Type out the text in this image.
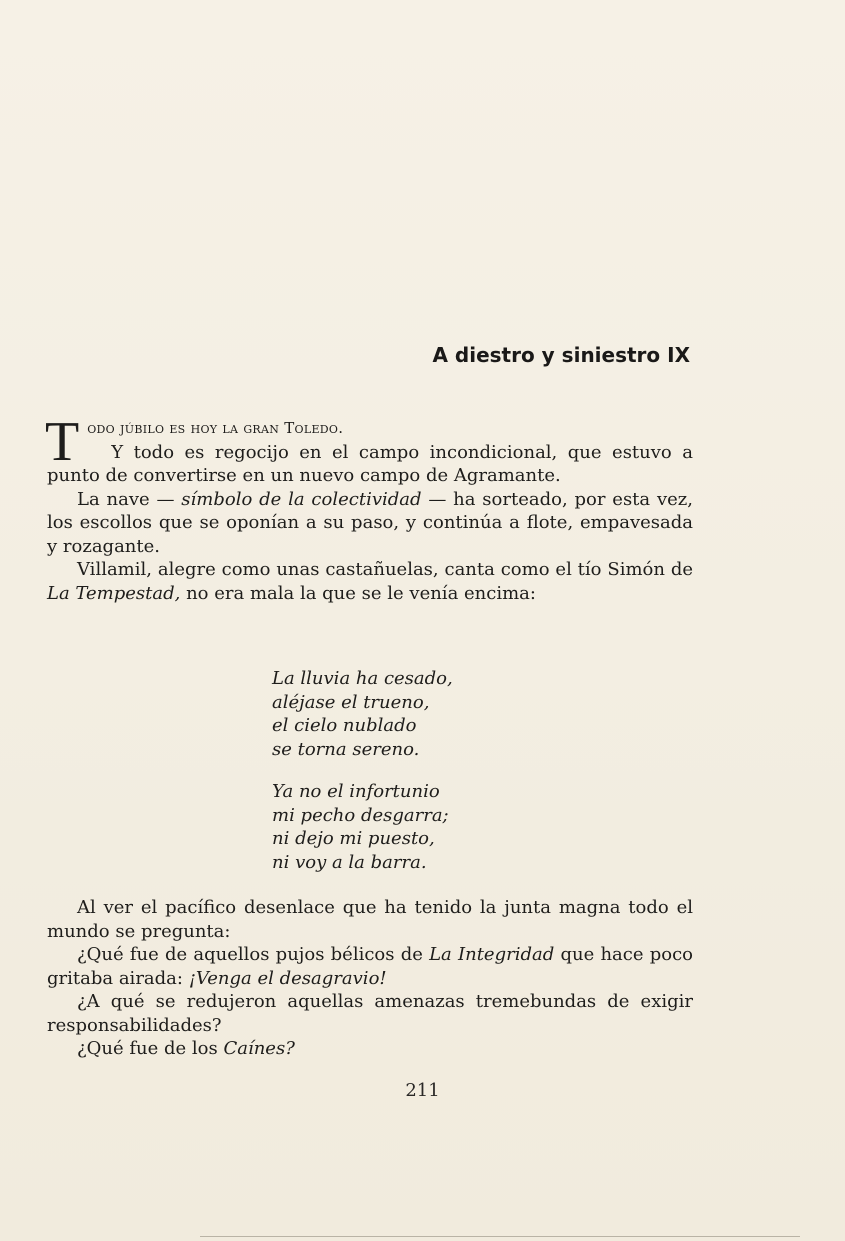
A diestro y siniestro IX

Todo júbilo es hoy la gran Toledo.
Y todo es regocijo en el campo incondicional, que estuvo a punto de convertirse en un nuevo campo de Agramante.

La nave — símbolo de la colectividad — ha sorteado, por esta vez, los escollos que se oponían a su paso, y continúa a flote, empavesada y rozagante.

Villamil, alegre como unas castañuelas, canta como el tío Simón de La Tempestad, no era mala la que se le venía encima:

La lluvia ha cesado,
aléjase el trueno,
el cielo nublado
se torna sereno.
Ya no el infortunio
mi pecho desgarra;
ni dejo mi puesto,
ni voy a la barra.

Al ver el pacífico desenlace que ha tenido la junta magna todo el mundo se pregunta:

¿Qué fue de aquellos pujos bélicos de La Integridad que hace poco gritaba airada: ¡Venga el desagravio!

¿A qué se redujeron aquellas amenazas tremebundas de exigir responsabilidades?

¿Qué fue de los Caínes?

211
